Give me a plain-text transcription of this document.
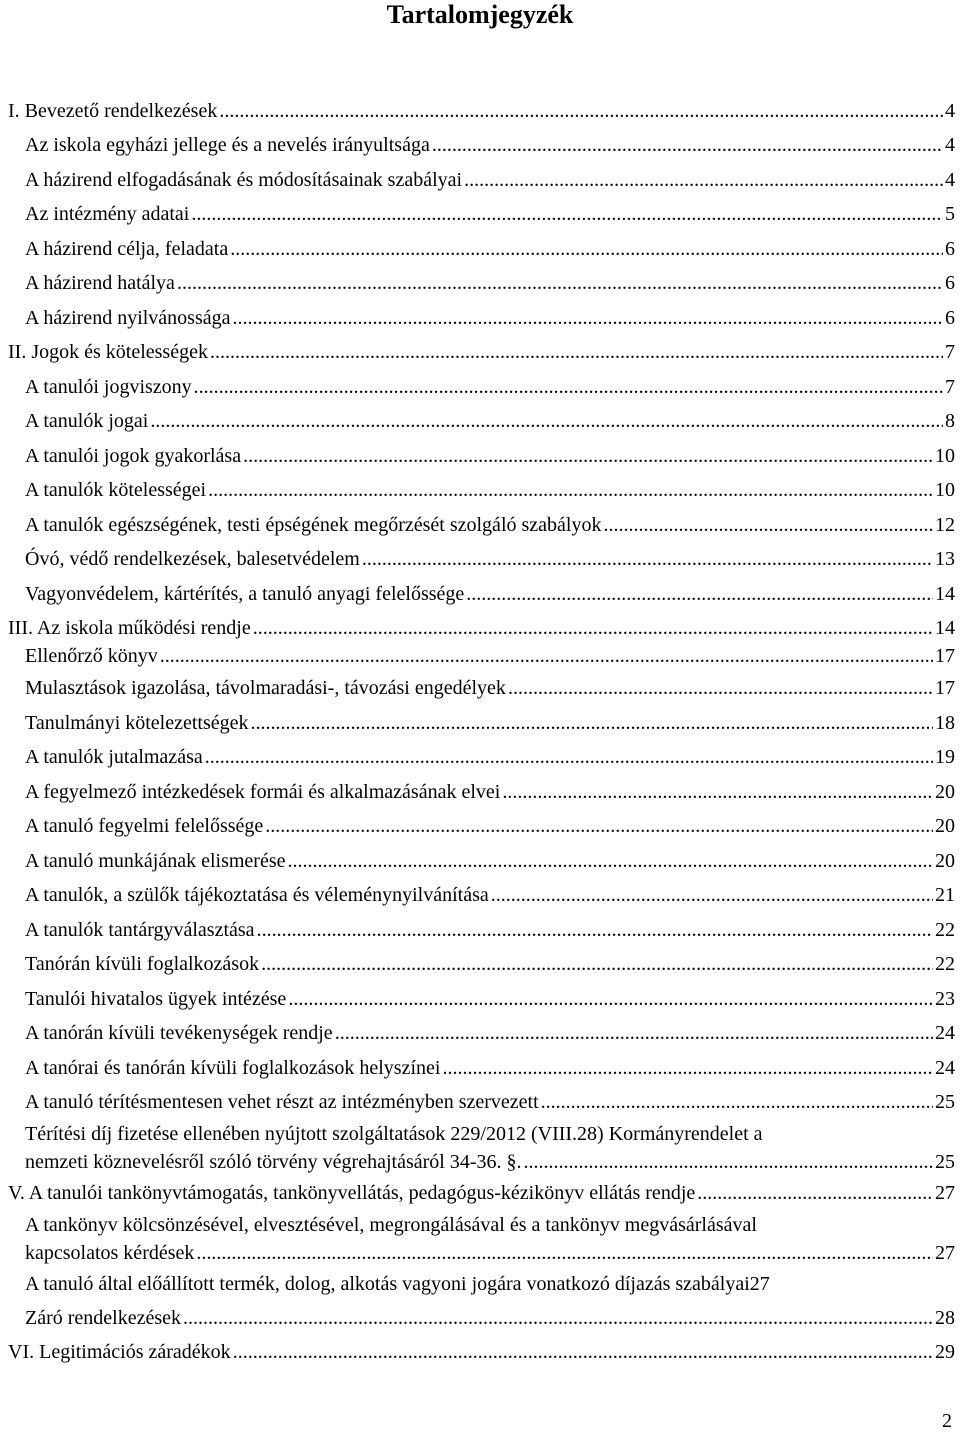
Tartalomjegyzék
I. Bevezető rendelkezések .....	4
Az iskola egyházi jellege és a nevelés irányultsága .....	4
A házirend elfogadásának és módosításainak szabályai .....	4
Az intézmény adatai .....	5
A házirend célja, feladata .....	6
A házirend hatálya .....	6
A házirend nyilvánossága .....	6
II. Jogok és kötelességek .....	7
A tanulói jogviszony .....	7
A tanulók jogai .....	8
A tanulói jogok gyakorlása .....	10
A tanulók kötelességei .....	10
A tanulók egészségének, testi épségének megőrzését szolgáló szabályok .....	12
Óvó, védő rendelkezések, balesetvédelem .....	13
Vagyonvédelem, kártérítés, a tanuló anyagi felelőssége .....	14
III. Az iskola működési rendje .....	14
Ellenőrző könyv .....	17
Mulasztások igazolása, távolmaradási-, távozási engedélyek .....	17
Tanulmányi kötelezettségek .....	18
A tanulók jutalmazása .....	19
A fegyelmező intézkedések formái és alkalmazásának elvei .....	20
A tanuló fegyelmi felelőssége .....	20
A tanuló munkájának elismerése .....	20
A tanulók, a szülők tájékoztatása és véleménynyilvánítása .....	21
A tanulók tantárgyválasztása .....	22
Tanórán kívüli foglalkozások .....	22
Tanulói hivatalos ügyek intézése .....	23
A tanórán kívüli tevékenységek rendje .....	24
A tanórai és tanórán kívüli foglalkozások helyszínei .....	24
A tanuló térítésmentesen vehet részt az intézményben szervezett .....	25
Térítési díj fizetése ellenében nyújtott szolgáltatások 229/2012 (VIII.28) Kormányrendelet a
nemzeti köznevelésről szóló törvény végrehajtásáról 34-36. §. .....	25
V. A tanulói tankönyvtámogatás, tankönyvellátás, pedagógus-kézikönyv ellátás rendje .....	27
A tankönyv kölcsönzésével, elvesztésével, megrongálásával és a tankönyv megvásárlásával
kapcsolatos kérdések .....	27
A tanuló által előállított termék, dolog, alkotás vagyoni jogára vonatkozó díjazás szabályai 27
Záró rendelkezések .....	28
VI. Legitimációs záradékok .....	29
2
